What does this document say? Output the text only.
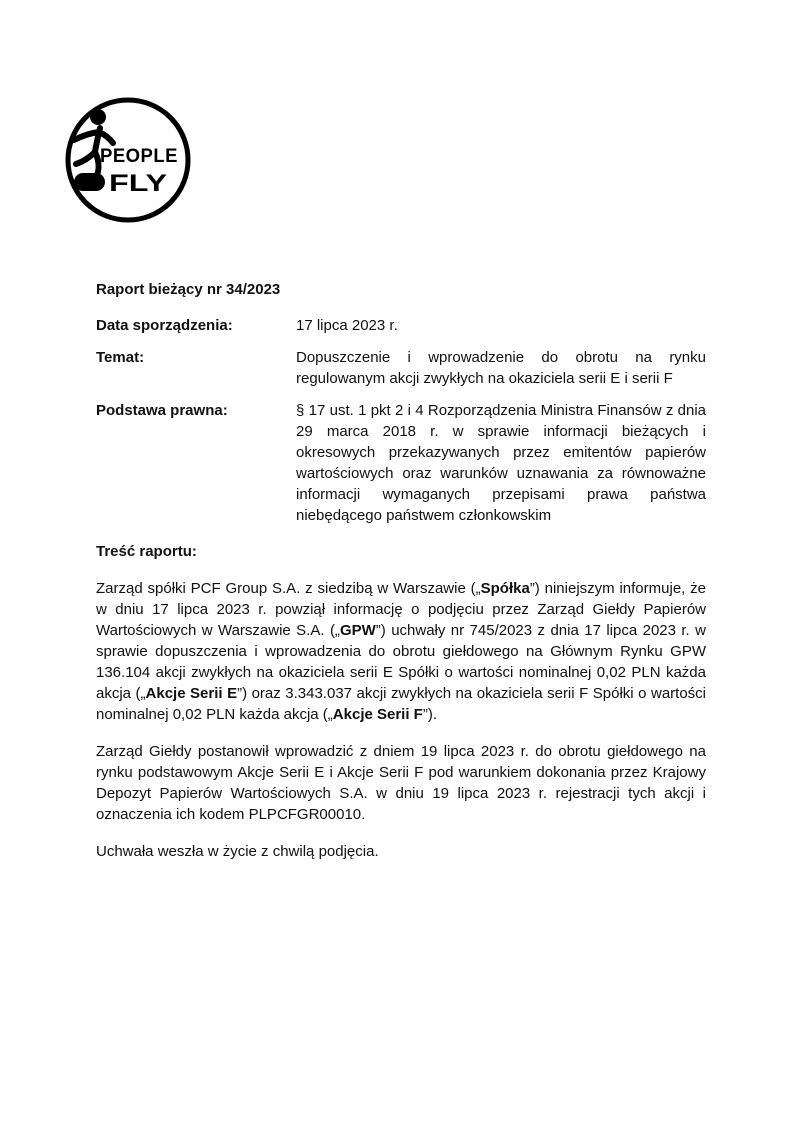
PEOPLE
CAN FLY
Raport bieżący nr 34/2023
Data sporządzenia:	17 lipca 2023 r.
Temat:	Dopuszczenie i wprowadzenie do obrotu na rynku regulowanym akcji zwykłych na okaziciela serii E i serii F
Podstawa prawna:	§ 17 ust. 1 pkt 2 i 4 Rozporządzenia Ministra Finansów z dnia 29 marca 2018 r. w sprawie informacji bieżących i okresowych przekazywanych przez emitentów papierów wartościowych oraz warunków uznawania za równoważne informacji wymaganych przepisami prawa państwa niebędącego państwem członkowskim
Treść raportu:

Zarząd spółki PCF Group S.A. z siedzibą w Warszawie („Spółka”) niniejszym informuje, że w dniu 17 lipca 2023 r. powziął informację o podjęciu przez Zarząd Giełdy Papierów Wartościowych w Warszawie S.A. („GPW”) uchwały nr 745/2023 z dnia 17 lipca 2023 r. w sprawie dopuszczenia i wprowadzenia do obrotu giełdowego na Głównym Rynku GPW 136.104 akcji zwykłych na okaziciela serii E Spółki o wartości nominalnej 0,02 PLN każda akcja („Akcje Serii E”) oraz 3.343.037 akcji zwykłych na okaziciela serii F Spółki o wartości nominalnej 0,02 PLN każda akcja („Akcje Serii F”).

Zarząd Giełdy postanowił wprowadzić z dniem 19 lipca 2023 r. do obrotu giełdowego na rynku podstawowym Akcje Serii E i Akcje Serii F pod warunkiem dokonania przez Krajowy Depozyt Papierów Wartościowych S.A. w dniu 19 lipca 2023 r. rejestracji tych akcji i oznaczenia ich kodem PLPCFGR00010.

Uchwała weszła w życie z chwilą podjęcia.
